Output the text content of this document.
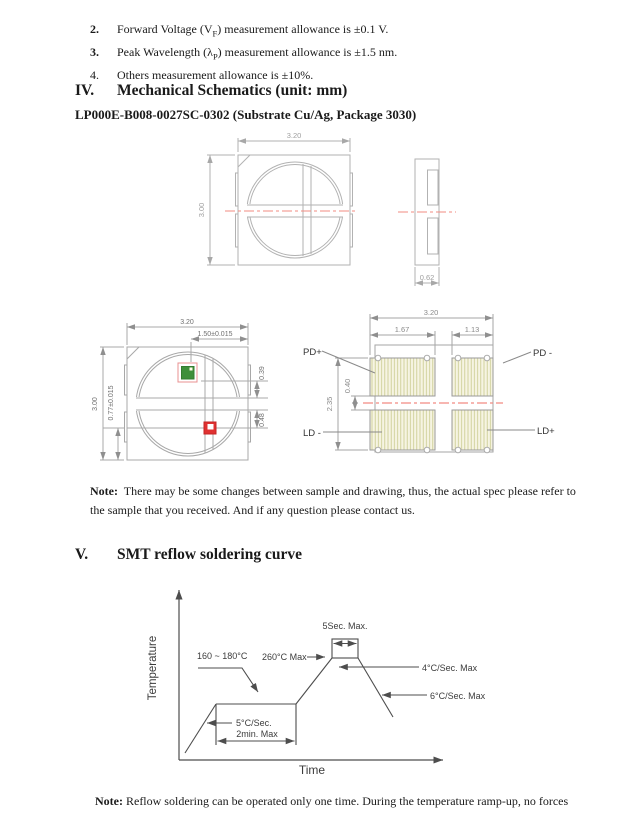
2.	Forward Voltage $(V_F)$ measurement allowance is ±0.1 V.
3.	Peak Wavelength $(\lambda_P)$ measurement allowance is ±1.5 nm.
4.	Others measurement allowance is ±10%.
IV.	Mechanical Schematics (unit: mm)
LP000E-B008-0027SC-0302 (Substrate Cu/Ag, Package 3030)
3.20
3.00
0.62
3.20
1.50±0.015
3.00 0.77±0.015
0.39
0.48
3.20
1.67	1.13
2.35
0.40
PD+	PD -
LD -	LD+
Note: There may be some changes between sample and drawing, thus, the actual spec please refer to the sample that you received. And if any question please contact us.
V.	SMT reflow soldering curve
Temperature
Time
5Sec. Max.
160 ~ 180°C 260°C Max
4°C/Sec. Max
6°C/Sec. Max
5°C/Sec.
2min. Max
Note: Reflow soldering can be operated only one time. During the temperature ramp-up, no forces
